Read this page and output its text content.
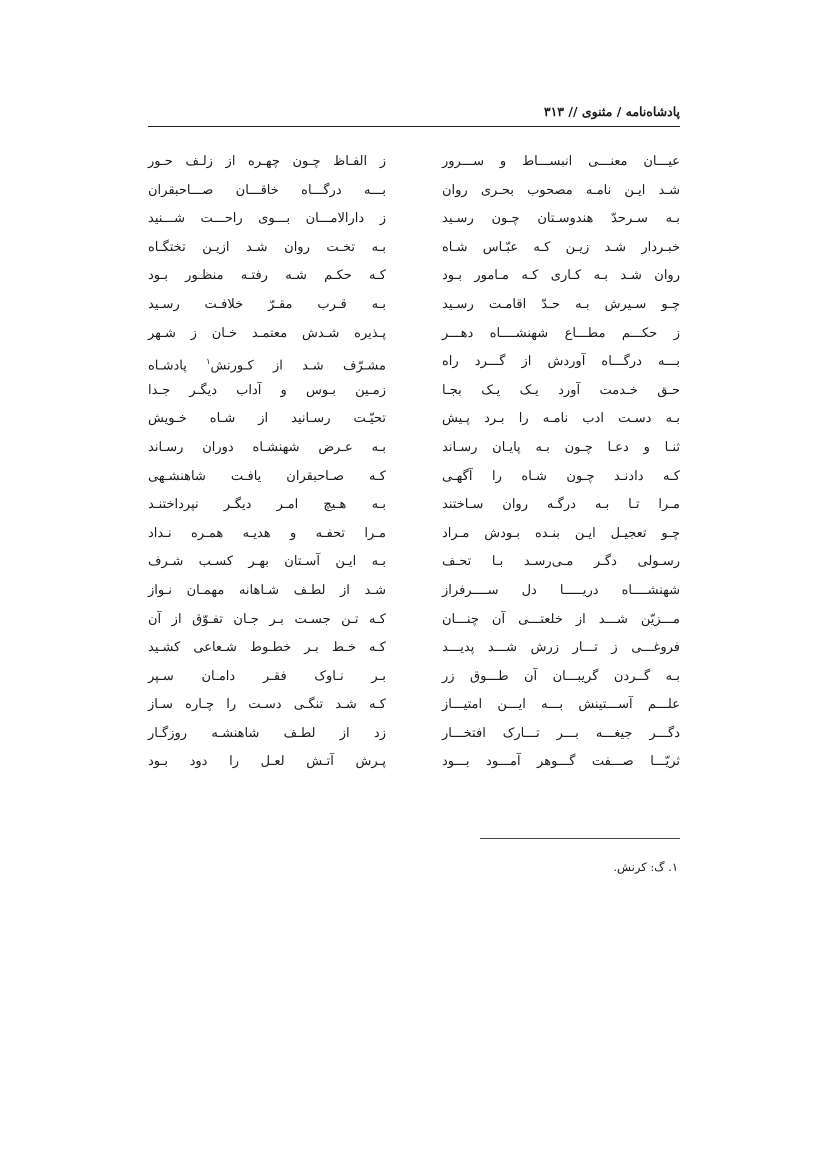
پادشاه‌نامه / مثنوی // ۳۱۳
عیـــان معنـــی انبســـاط و ســـرور
شـد ایـن نامـه مصحوب بحـری روان
بـه سـرحدّ هندوسـتان چـون رسـید
خبـردار شـد زیـن کـه عبّـاس شـاه
روان شـد بـه کـاری کـه مـامور بـود
چـو سـیرش بـه حـدّ اقامـت رسـید
ز حکـــم مطـــاع شهنشــــاه دهـــر
بـــه درگـــاه آوردش از گـــرد راه
حـق خـدمت آورد یـک یـک بجـا
بـه دسـت ادب نامـه را بـرد پـیش
ثنـا و دعـا چـون بـه پایـان رسـاند
کـه دادنـد چـون شـاه را آگهـی
مـرا تـا بـه درگـه روان سـاختند
چـو تعجیـل ایـن بنـده بـودش مـراد
رسـولی دگـر مـی‌رسـد بـا تحـف
شهنشــــاه دریـــــا دل ســــرفراز
مـــزیّن شـــد از خلعتـــی آن چنـــان
فروغـــی ز تـــار زرش شـــد پدیـــد
بـه گــردن گریبـــان آن طـــوق زر
علـــم آســـتینش بـــه ایـــن امتیـــاز
دگـــر جیغـــه بـــر تـــارک افتخـــار
ثریّـــا صـــفت گـــوهر آمـــود بـــود
ز الفـاظ چـون چهـره از زلـف حـور
بـــه درگـــاه خاقـــان صـــاحبقران
ز دارالامـــان بـــوی راحـــت شـــنید
بـه تخـت روان شـد ازیـن تختگـاه
کـه حکـم شـه رفتـه منظـور بـود
بـه قـرب مقـرّ خلافـت رسـید
پـذیره شـدش معتمـد خـان ز شـهر
مشـرّف شـد از کـورنش$^۱$ پادشـاه
زمـین بـوس و آداب دیگـر جـدا
تحیّـت رسـانید از شـاه خـویش
بـه عـرض شهنشـاه دوران رسـاند
کـه صـاحبقران یافـت شاهنشـهی
بـه هـیچ امـر دیگـر نپرداختنـد
مـرا تحفـه و هدیـه همـره نـداد
بـه ایـن آسـتان بهـر کسـب شـرف
شـد از لطـف شـاهانه مهمـان نـواز
کـه تـن جسـت بـر جـان تفـوّق از آن
کـه خـط بـر خطـوط شـعاعی کشـید
بـر نـاوک فقـر دامـان سـپر
کـه شـد تنگـی دسـت را چـاره سـاز
زد از لطـف شاهنشـه روزگـار
پـرش آتـش لعـل را دود بـود
۱. گ: کرنش.
